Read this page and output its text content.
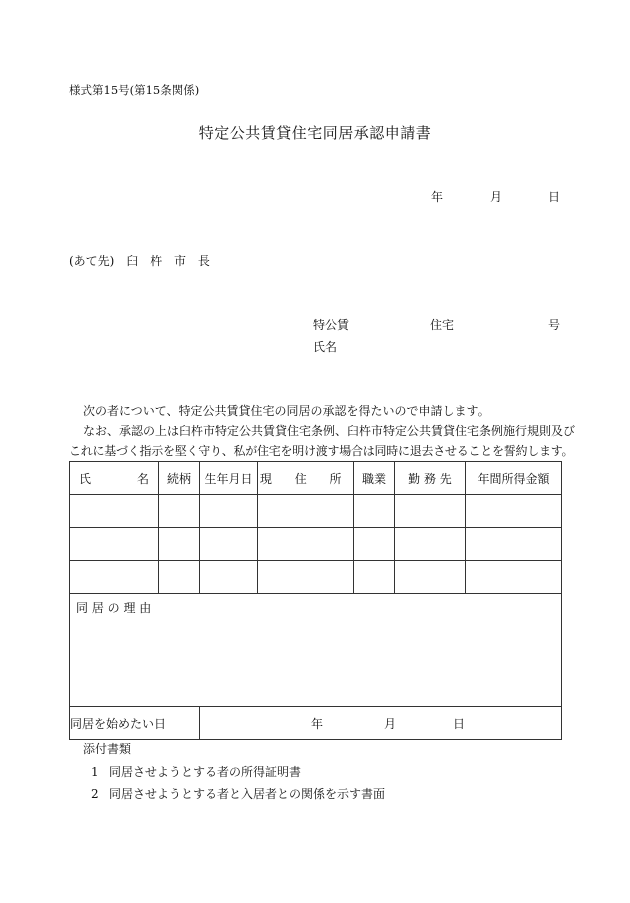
様式第15号(第15条関係)
特定公共賃貸住宅同居承認申請書
年	月	日
(あて先) 臼 杵 市 長
特公賃	住宅	号
氏名
次の者について、特定公共賃貸住宅の同居の承認を得たいので申請します。
なお、承認の上は臼杵市特定公共賃貸住宅条例、臼杵市特定公共賃貸住宅条例施行規則及び
これに基づく指示を堅く守り、私が住宅を明け渡す場合は同時に退去させることを誓約します。
氏 名	続柄	生年月日	現 住 所	職業	勤 務 先	年間所得金額

同 居 の 理 由						
同居を始めたい日		年 月 日				
添付書類
1 同居させようとする者の所得証明書
2 同居させようとする者と入居者との関係を示す書面
